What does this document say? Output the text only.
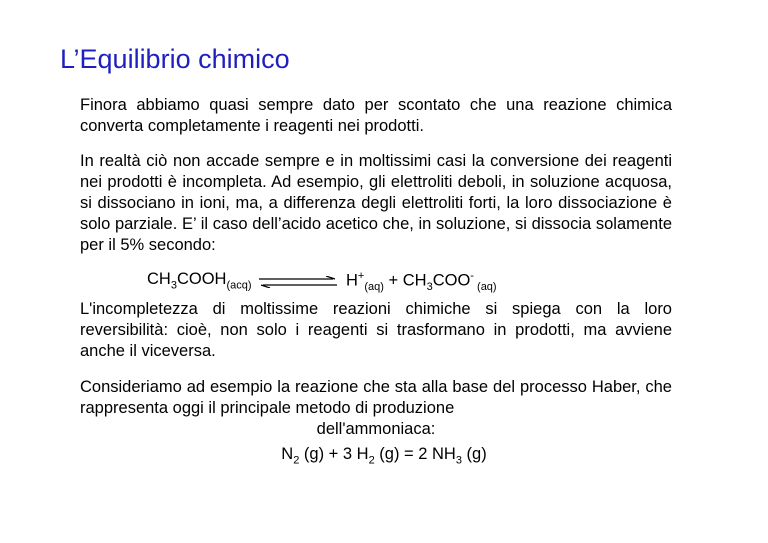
L’Equilibrio chimico

Finora abbiamo quasi sempre dato per scontato che una reazione chimica converta completamente i reagenti nei prodotti.

In realtà ciò non accade sempre e in moltissimi casi la conversione dei reagenti nei prodotti è incompleta. Ad esempio, gli elettroliti deboli, in soluzione acquosa, si dissociano in ioni, ma, a differenza degli elettroliti forti, la loro dissociazione è solo parziale. E’ il caso dell’acido acetico che, in soluzione, si dissocia solamente per il 5% secondo:

$CH_3COOH_{(acq)}$	$H^+_{(aq)} + CH_3COO^-$ $_{(aq)}$

L'incompletezza di moltissime reazioni chimiche si spiega con la loro reversibilità: cioè, non solo i reagenti si trasformano in prodotti, ma avviene anche il viceversa.

Consideriamo ad esempio la reazione che sta alla base del processo Haber, che rappresenta oggi il principale metodo di produzione
dell'ammoniaca:

$N_2$ (g) + 3 $H_2$ (g) = 2 $NH_3$ (g)
